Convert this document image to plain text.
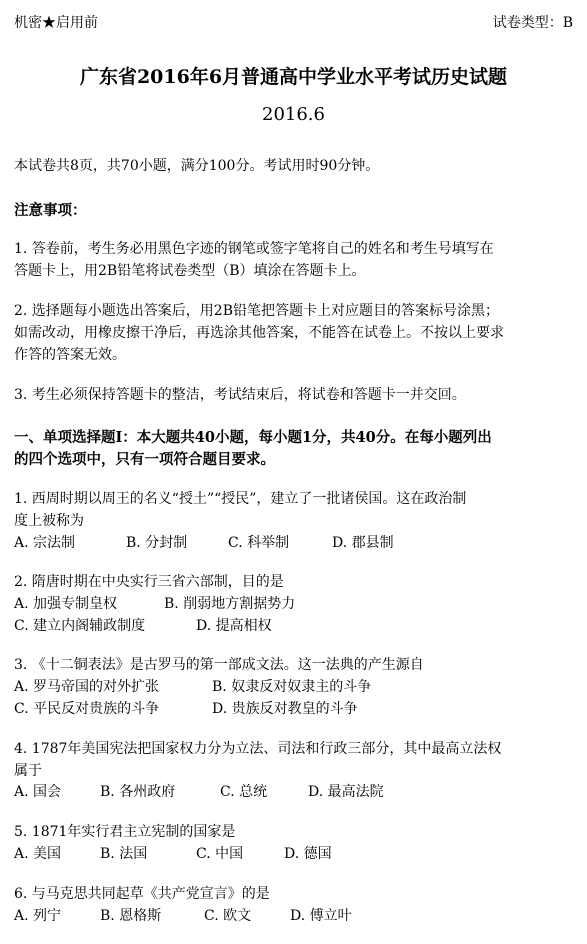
机密★启用前	试卷类型：B
广东省2016年6月普通高中学业水平考试历史试题
2016.6
本试卷共8页，共70小题，满分100分。考试用时90分钟。
注意事项：
1. 答卷前，考生务必用黑色字迹的钢笔或签字笔将自己的姓名和考生号填写在
答题卡上，用2B铅笔将试卷类型（B）填涂在答题卡上。
2. 选择题每小题选出答案后，用2B铅笔把答题卡上对应题目的答案标号涂黑；
如需改动，用橡皮擦干净后，再选涂其他答案，不能答在试卷上。不按以上要求
作答的答案无效。
3. 考生必须保持答题卡的整洁，考试结束后，将试卷和答题卡一并交回。
一、单项选择题Ⅰ：本大题共40小题，每小题1分，共40分。在每小题列出
的四个选项中，只有一项符合题目要求。
1. 西周时期以周王的名义“授土”“授民”，建立了一批诸侯国。这在政治制
度上被称为
A. 宗法制	B. 分封制	C. 科举制	D. 郡县制
2. 隋唐时期在中央实行三省六部制，目的是
A. 加强专制皇权	B. 削弱地方割据势力
C. 建立内阁辅政制度	D. 提高相权
3. 《十二铜表法》是古罗马的第一部成文法。这一法典的产生源自
A. 罗马帝国的对外扩张	B. 奴隶反对奴隶主的斗争
C. 平民反对贵族的斗争	D. 贵族反对教皇的斗争
4. 1787年美国宪法把国家权力分为立法、司法和行政三部分，其中最高立法权
属于
A. 国会	B. 各州政府	C. 总统	D. 最高法院
5. 1871年实行君主立宪制的国家是
A. 美国	B. 法国	C. 中国	D. 德国
6. 与马克思共同起草《共产党宣言》的是
A. 列宁	B. 恩格斯	C. 欧文	D. 傅立叶
